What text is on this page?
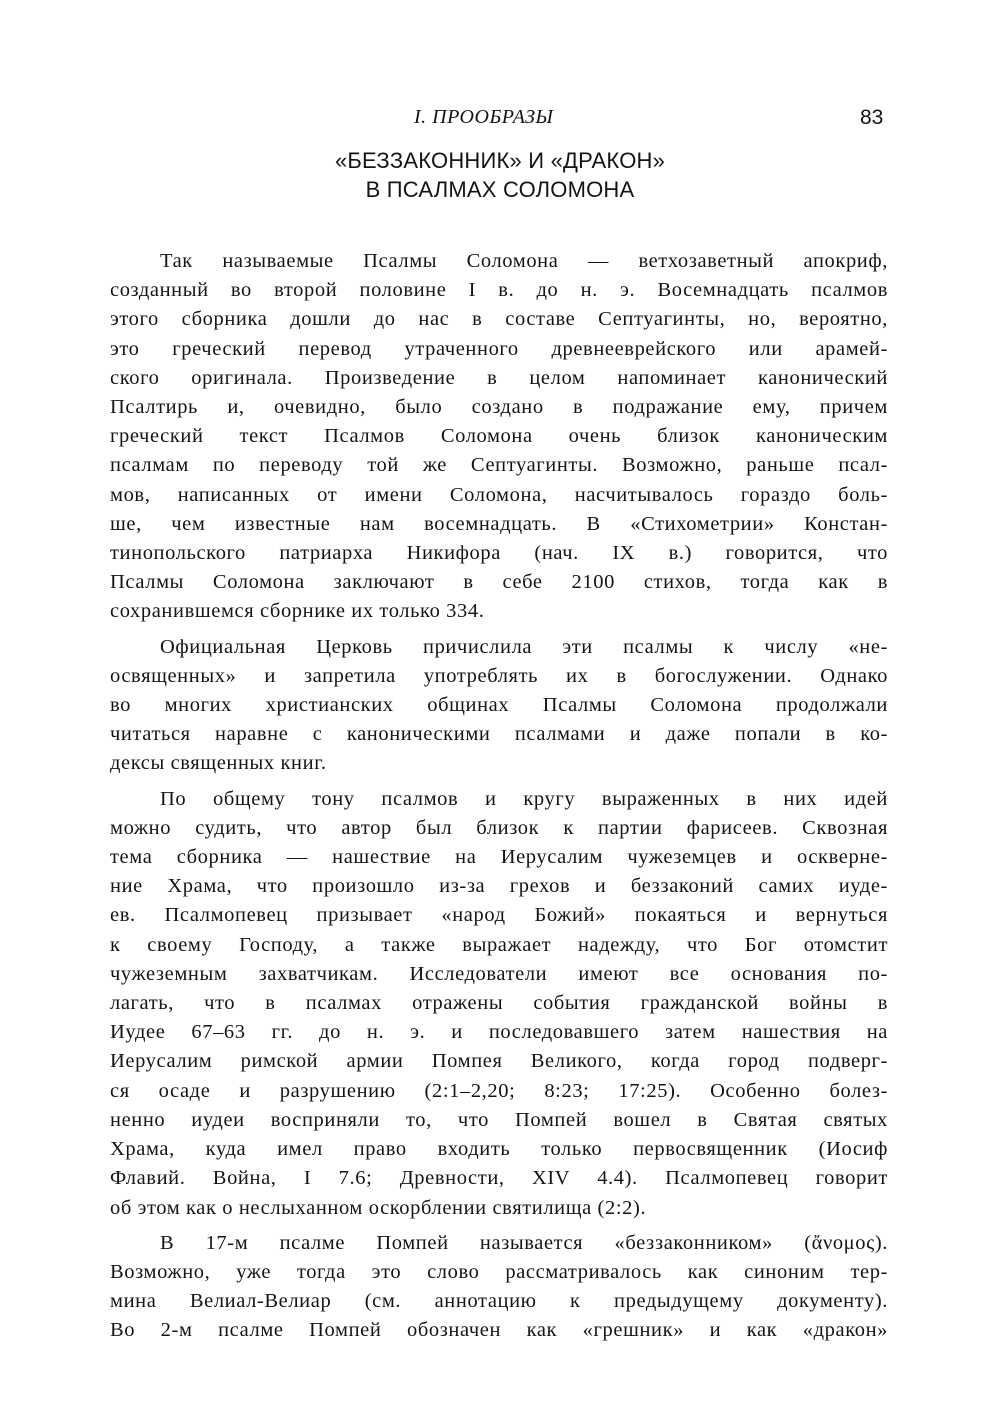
I. ПРООБРАЗЫ	83
«БЕЗЗАКОННИК» И «ДРАКОН»
В ПСАЛМАХ СОЛОМОНА
Так называемые Псалмы Соломона — ветхозаветный апокриф,
созданный во второй половине I в. до н. э. Восемнадцать псалмов
этого сборника дошли до нас в составе Септуагинты, но, вероятно,
это греческий перевод утраченного древнееврейского или арамей-
ского оригинала. Произведение в целом напоминает канонический
Псалтирь и, очевидно, было создано в подражание ему, причем
греческий текст Псалмов Соломона очень близок каноническим
псалмам по переводу той же Септуагинты. Возможно, раньше псал-
мов, написанных от имени Соломона, насчитывалось гораздо боль-
ше, чем известные нам восемнадцать. В «Стихометрии» Констан-
тинопольского патриарха Никифора (нач. IX в.) говорится, что
Псалмы Соломона заключают в себе 2100 стихов, тогда как в
сохранившемся сборнике их только 334.
Официальная Церковь причислила эти псалмы к числу «не-
освященных» и запретила употреблять их в богослужении. Однако
во многих христианских общинах Псалмы Соломона продолжали
читаться наравне с каноническими псалмами и даже попали в ко-
дексы священных книг.
По общему тону псалмов и кругу выраженных в них идей
можно судить, что автор был близок к партии фарисеев. Сквозная
тема сборника — нашествие на Иерусалим чужеземцев и осквернe-
ние Храма, что произошло из-за грехов и беззаконий самих иуде-
ев. Псалмопевец призывает «народ Божий» покаяться и вернуться
к своему Господу, а также выражает надежду, что Бог отомстит
чужеземным захватчикам. Исследователи имеют все основания по-
лагать, что в псалмах отражены события гражданской войны в
Иудее 67–63 гг. до н. э. и последовавшего затем нашествия на
Иерусалим римской армии Помпея Великого, когда город подверг-
ся осаде и разрушению (2:1–2,20; 8:23; 17:25). Особенно болез-
ненно иудеи восприняли то, что Помпей вошел в Святая святых
Храма, куда имел право входить только первосвященник (Иосиф
Флавий. Война, I 7.6; Древности, XIV 4.4). Псалмопевец говорит
об этом как о неслыханном оскорблении святилища (2:2).
В 17-м псалме Помпей называется «беззаконником» (ἄνομος).
Возможно, уже тогда это слово рассматривалось как синоним тер-
мина Велиал-Велиар (см. аннотацию к предыдущему документу).
Во 2-м псалме Помпей обозначен как «грешник» и как «дракон»
